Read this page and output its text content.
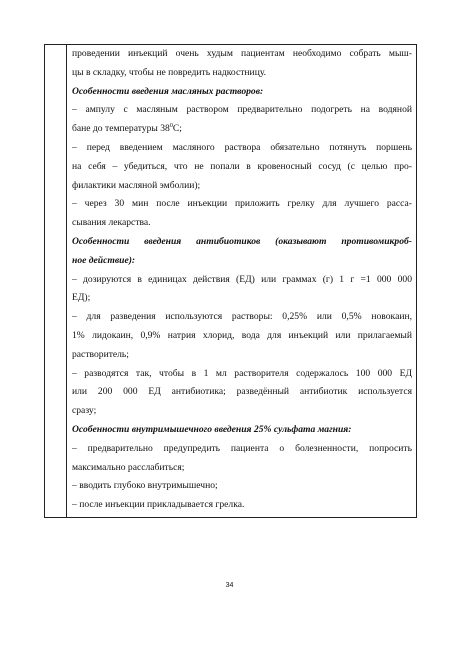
проведении инъекций очень худым пациентам необходимо собрать мыш-
цы в складку, чтобы не повредить надкостницу.
Особенности введения масляных растворов:
– ампулу с масляным раствором предварительно подогреть на водяной
бане до температуры $38^0C$;
– перед введением масляного раствора обязательно потянуть поршень
на себя – убедиться, что не попали в кровеносный сосуд (с целью про-
филактики масляной эмболии);
– через 30 мин после инъекции приложить грелку для лучшего расса-
сывания лекарства.
Особенности введения антибиотиков (оказывают противомикроб-
ное действие):
– дозируются в единицах действия (ЕД) или граммах (г) 1 г =1 000 000
ЕД);
– для разведения используются растворы: 0,25% или 0,5% новокаин,
1% лидокаин, 0,9% натрия хлорид, вода для инъекций или прилагаемый
растворитель;
– разводятся так, чтобы в 1 мл растворителя содержалось 100 000 ЕД
или 200 000 ЕД антибиотика; разведённый антибиотик используется
сразу;
Особенности внутримышечного введения 25% сульфата магния:
– предварительно предупредить пациента о болезненности, попросить
максимально расслабиться;
– вводить глубоко внутримышечно;
– после инъекции прикладывается грелка.
34
